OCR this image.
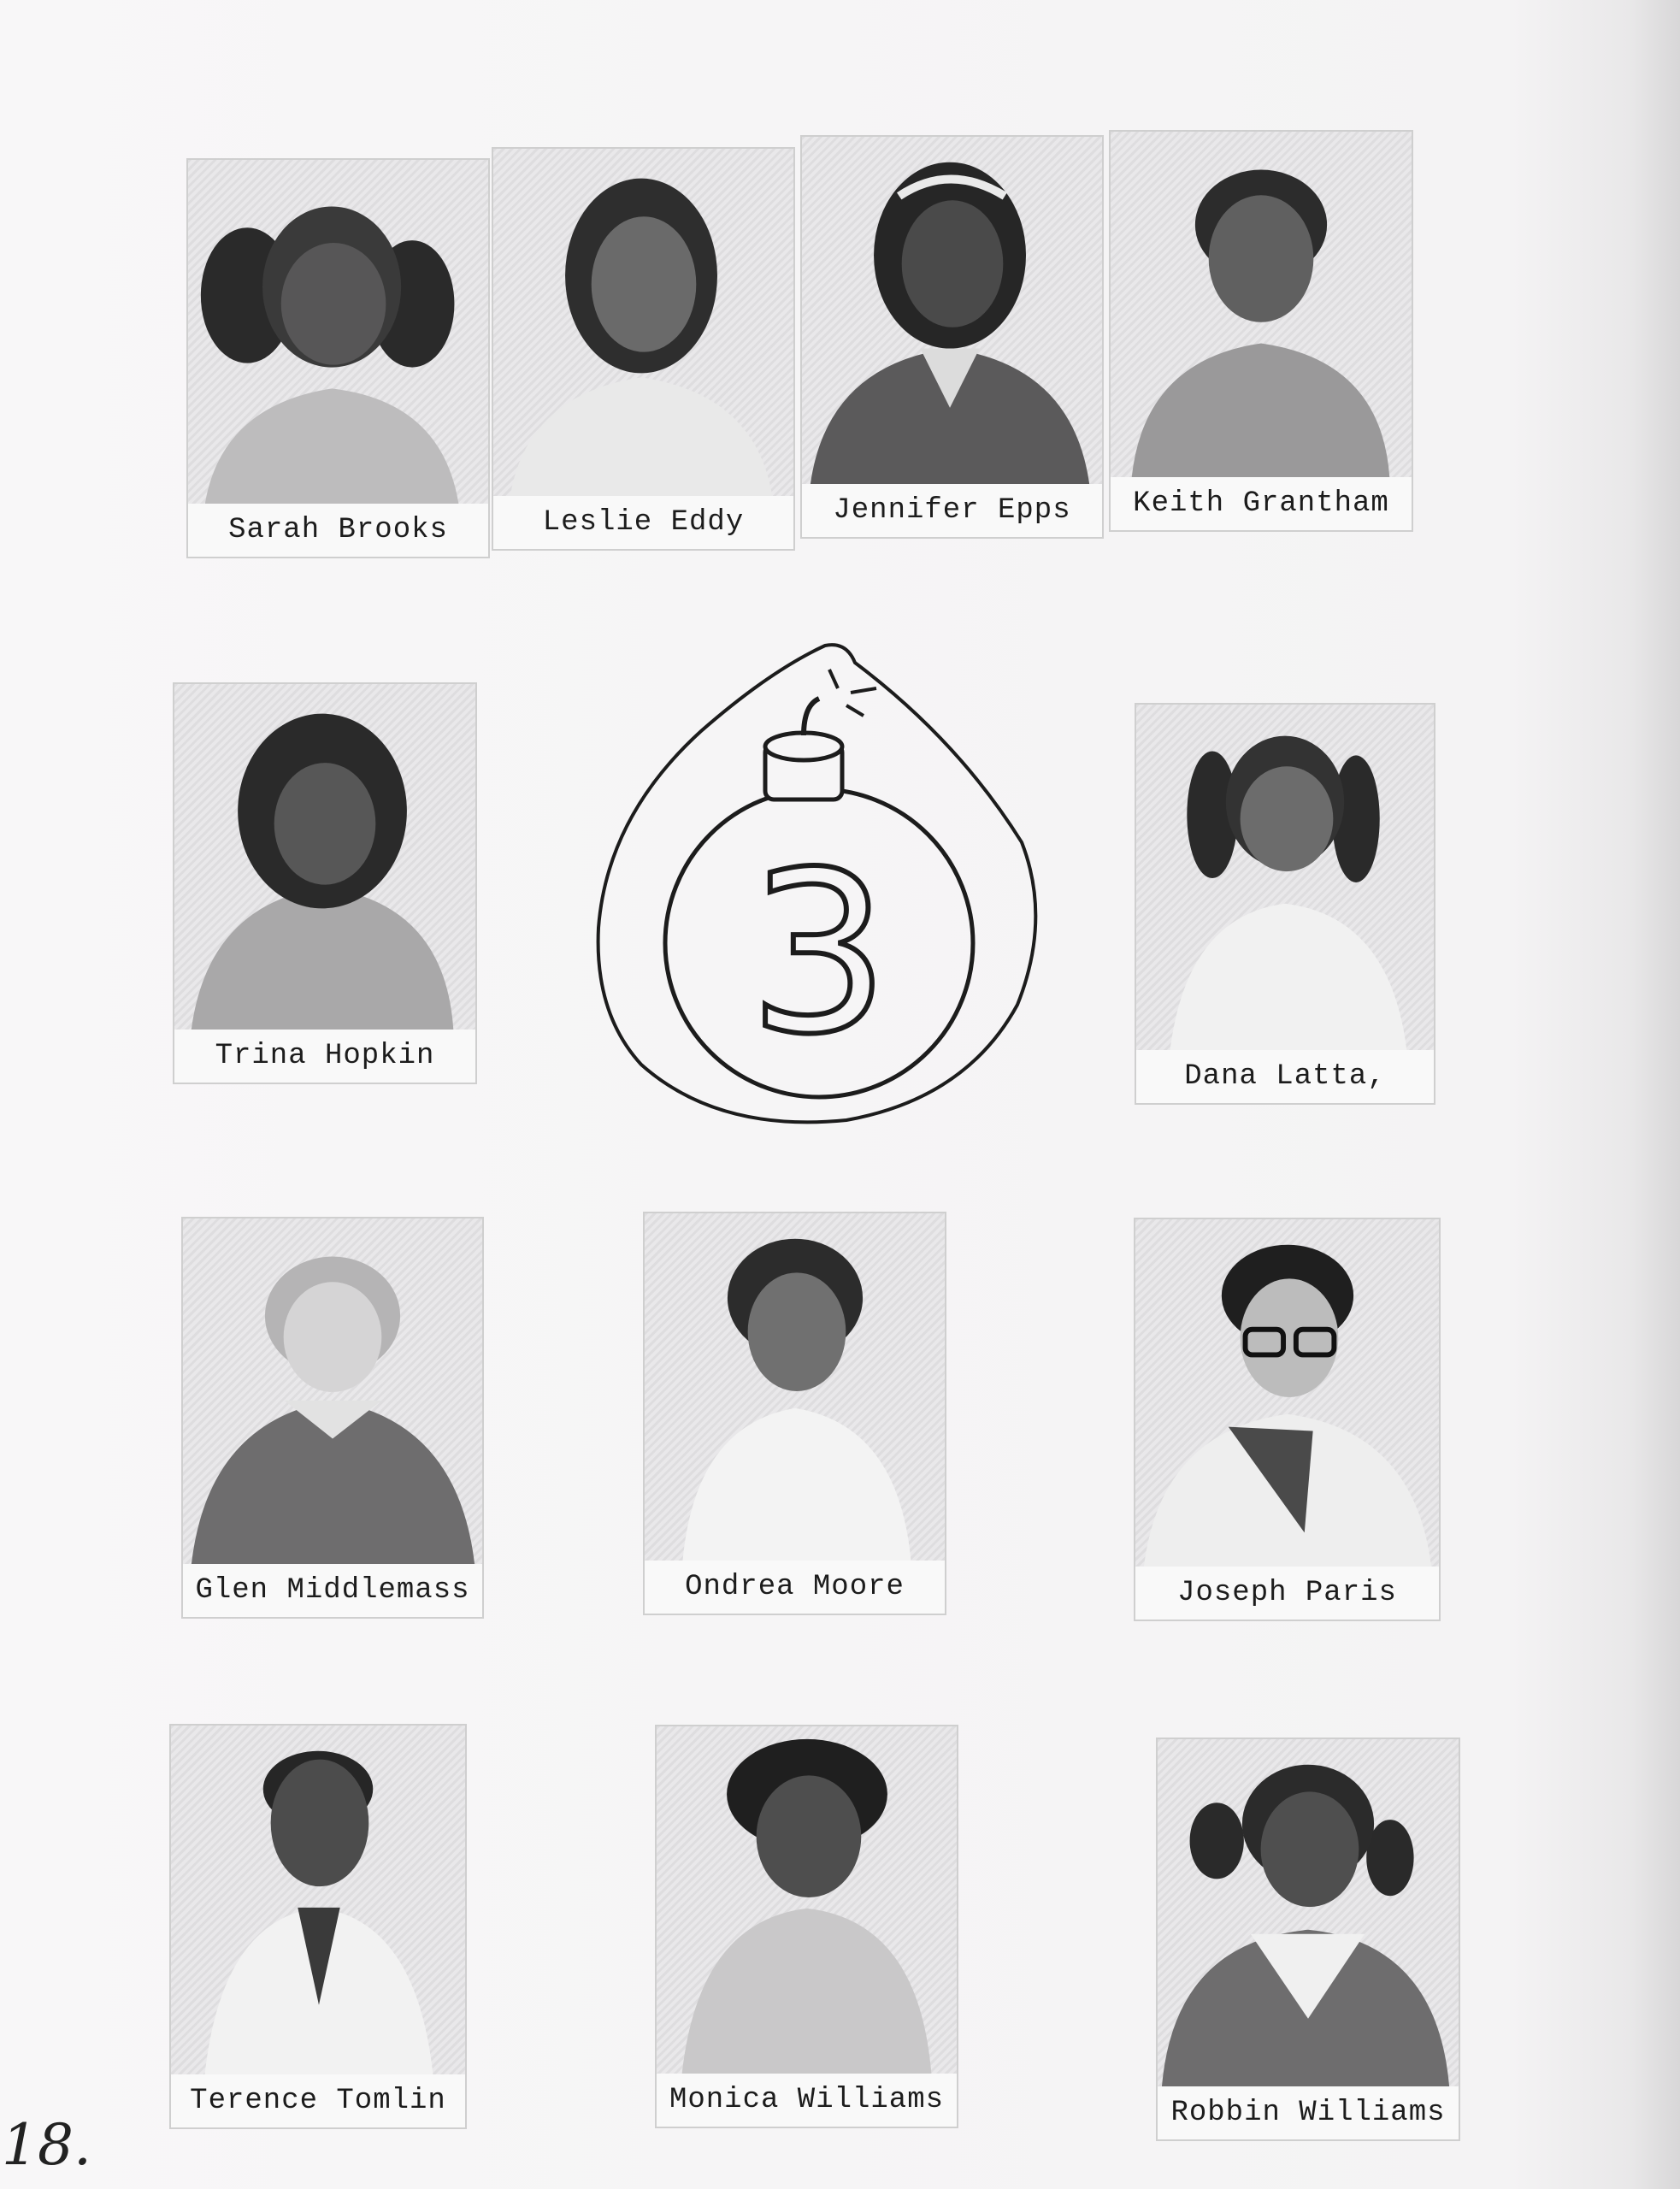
Sarah Brooks	Leslie Eddy	Jennifer Epps	Keith Grantham
Trina Hopkin 3	Dana Latta,
Glen Middlemass	Ondrea Moore	Joseph Paris
Terence Tomlin	Monica Williams	Robbin Williams
18.
